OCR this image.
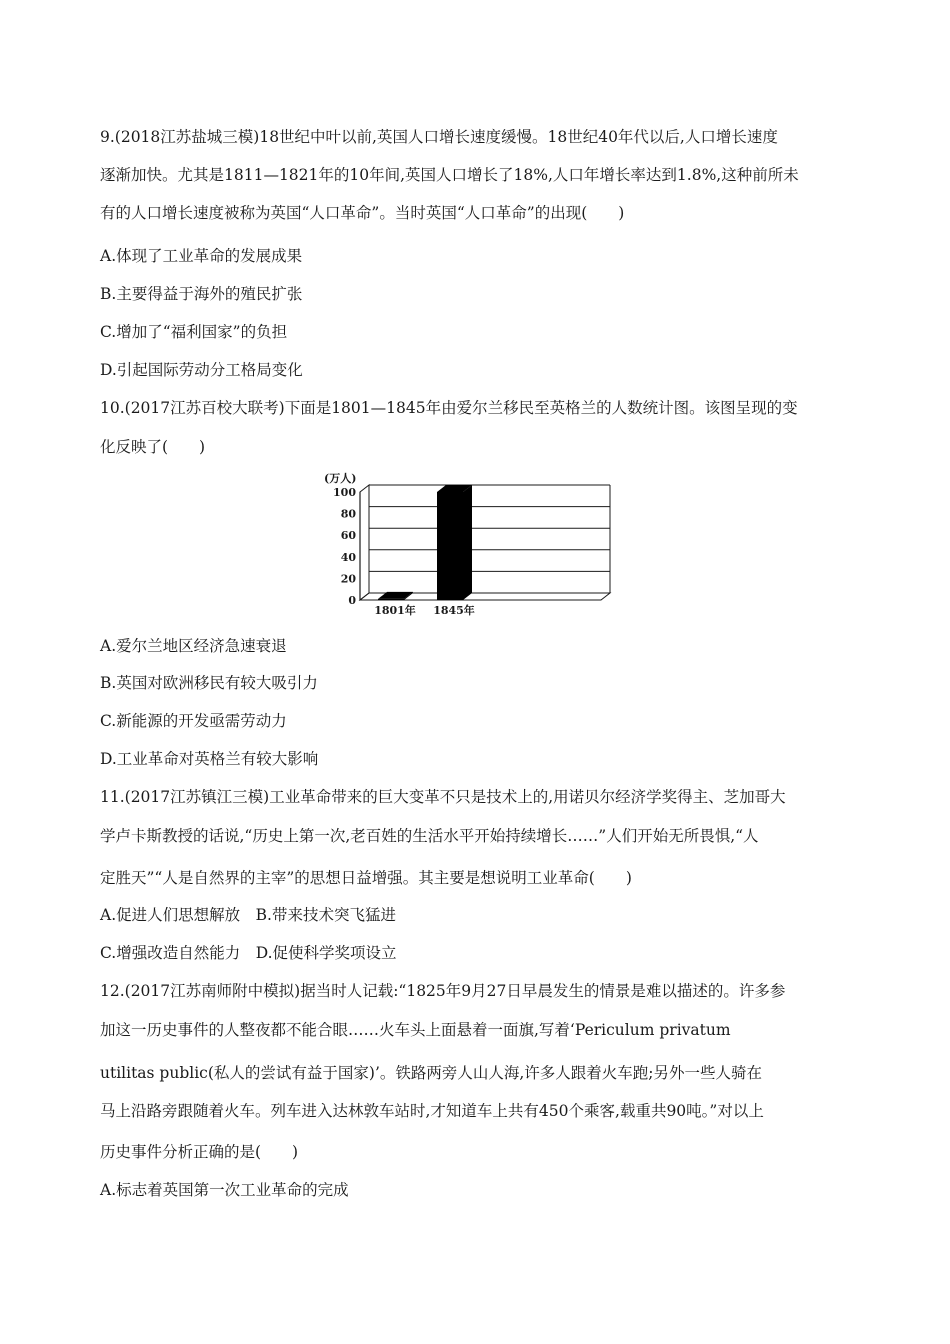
9.(2018江苏盐城三模)18世纪中叶以前,英国人口增长速度缓慢。18世纪40年代以后,人口增长速度
逐渐加快。尤其是1811—1821年的10年间,英国人口增长了18%,人口年增长率达到1.8%,这种前所未
有的人口增长速度被称为英国“人口革命”。当时英国“人口革命”的出现(　　)
A.体现了工业革命的发展成果
B.主要得益于海外的殖民扩张
C.增加了“福利国家”的负担
D.引起国际劳动分工格局变化
10.(2017江苏百校大联考)下面是1801—1845年由爱尔兰移民至英格兰的人数统计图。该图呈现的变
化反映了(　　)
(万人)
0
20
40
60
80
100
1801年 1845年
A.爱尔兰地区经济急速衰退
B.英国对欧洲移民有较大吸引力
C.新能源的开发亟需劳动力
D.工业革命对英格兰有较大影响
11.(2017江苏镇江三模)工业革命带来的巨大变革不只是技术上的,用诺贝尔经济学奖得主、芝加哥大
学卢卡斯教授的话说,“历史上第一次,老百姓的生活水平开始持续增长……”人们开始无所畏惧,“人
定胜天”“人是自然界的主宰”的思想日益增强。其主要是想说明工业革命(　　)
A.促进人们思想解放　B.带来技术突飞猛进
C.增强改造自然能力　D.促使科学奖项设立
12.(2017江苏南师附中模拟)据当时人记载:“1825年9月27日早晨发生的情景是难以描述的。许多参
加这一历史事件的人整夜都不能合眼……火车头上面悬着一面旗,写着‘Periculum privatum
utilitas public(私人的尝试有益于国家)’。铁路两旁人山人海,许多人跟着火车跑;另外一些人骑在
马上沿路旁跟随着火车。列车进入达林敦车站时,才知道车上共有450个乘客,载重共90吨。”对以上
历史事件分析正确的是(　　)
A.标志着英国第一次工业革命的完成
